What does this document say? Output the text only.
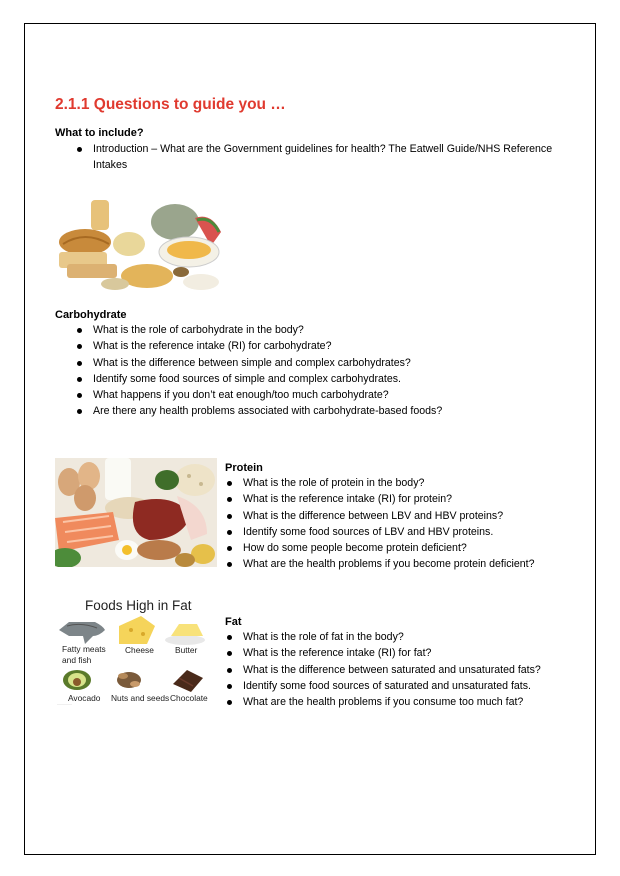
2.1.1 Questions to guide you …
What to include?
Introduction – What are the Government guidelines for health? The Eatwell Guide/NHS Reference Intakes
Carbohydrate
What is the role of carbohydrate in the body?
What is the reference intake (RI) for carbohydrate?
What is the difference between simple and complex carbohydrates?
Identify some food sources of simple and complex carbohydrates.
What happens if you don’t eat enough/too much carbohydrate?
Are there any health problems associated with carbohydrate-based foods?
Protein
What is the role of protein in the body?
What is the reference intake (RI) for protein?
What is the difference between LBV and HBV proteins?
Identify some food sources of LBV and HBV proteins.
How do some people become protein deficient?
What are the health problems if you become protein deficient?
Foods High in Fat
Fatty meats
and fish
Cheese	Butter
Avocado Nuts and seeds Chocolate
───────
Fat
What is the role of fat in the body?
What is the reference intake (RI) for fat?
What is the difference between saturated and unsaturated fats?
Identify some food sources of saturated and unsaturated fats.
What are the health problems if you consume too much fat?
